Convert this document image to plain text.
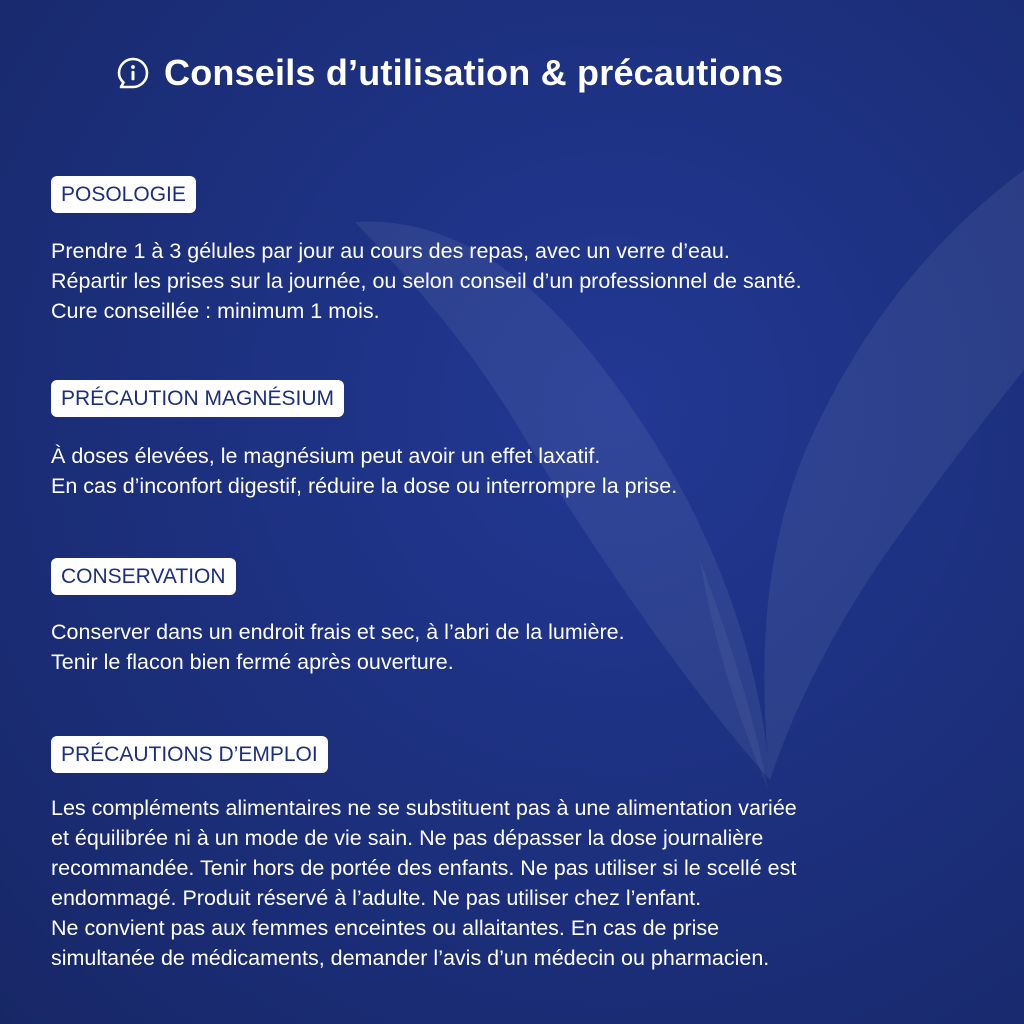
Conseils d’utilisation & précautions
POSOLOGIE
Prendre 1 à 3 gélules par jour au cours des repas, avec un verre d’eau.
Répartir les prises sur la journée, ou selon conseil d’un professionnel de santé.
Cure conseillée : minimum 1 mois.
PRÉCAUTION MAGNÉSIUM
À doses élevées, le magnésium peut avoir un effet laxatif.
En cas d’inconfort digestif, réduire la dose ou interrompre la prise.
CONSERVATION
Conserver dans un endroit frais et sec, à l’abri de la lumière.
Tenir le flacon bien fermé après ouverture.
PRÉCAUTIONS D’EMPLOI
Les compléments alimentaires ne se substituent pas à une alimentation variée
et équilibrée ni à un mode de vie sain. Ne pas dépasser la dose journalière
recommandée. Tenir hors de portée des enfants. Ne pas utiliser si le scellé est
endommagé. Produit réservé à l’adulte. Ne pas utiliser chez l’enfant.
Ne convient pas aux femmes enceintes ou allaitantes. En cas de prise
simultanée de médicaments, demander l’avis d’un médecin ou pharmacien.
